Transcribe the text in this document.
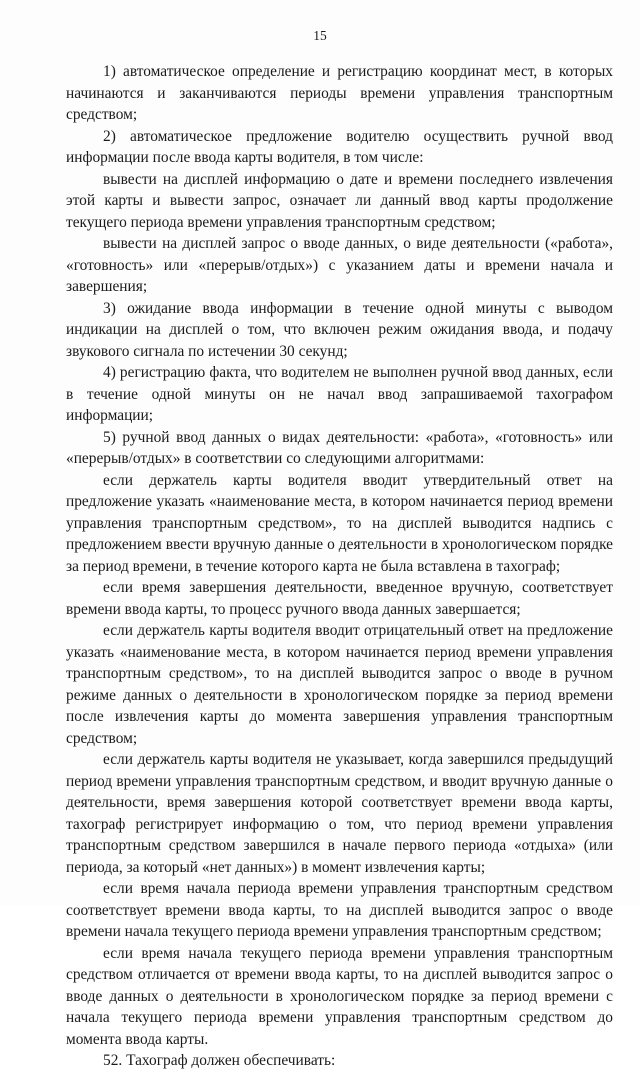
15

1) автоматическое определение и регистрацию координат мест, в которых начинаются и заканчиваются периоды времени управления транспортным средством;

2) автоматическое предложение водителю осуществить ручной ввод информации после ввода карты водителя, в том числе:

вывести на дисплей информацию о дате и времени последнего извлечения этой карты и вывести запрос, означает ли данный ввод карты продолжение текущего периода времени управления транспортным средством;

вывести на дисплей запрос о вводе данных, о виде деятельности («работа», «готовность» или «перерыв/отдых») с указанием даты и времени начала и завершения;

3) ожидание ввода информации в течение одной минуты с выводом индикации на дисплей о том, что включен режим ожидания ввода, и подачу звукового сигнала по истечении 30 секунд;

4) регистрацию факта, что водителем не выполнен ручной ввод данных, если в течение одной минуты он не начал ввод запрашиваемой тахографом информации;

5) ручной ввод данных о видах деятельности: «работа», «готовность» или «перерыв/отдых» в соответствии со следующими алгоритмами:

если держатель карты водителя вводит утвердительный ответ на предложение указать «наименование места, в котором начинается период времени управления транспортным средством», то на дисплей выводится надпись с предложением ввести вручную данные о деятельности в хронологическом порядке за период времени, в течение которого карта не была вставлена в тахограф;

если время завершения деятельности, введенное вручную, соответствует времени ввода карты, то процесс ручного ввода данных завершается;

если держатель карты водителя вводит отрицательный ответ на предложение указать «наименование места, в котором начинается период времени управления транспортным средством», то на дисплей выводится запрос о вводе в ручном режиме данных о деятельности в хронологическом порядке за период времени после извлечения карты до момента завершения управления транспортным средством;

если держатель карты водителя не указывает, когда завершился предыдущий период времени управления транспортным средством, и вводит вручную данные о деятельности, время завершения которой соответствует времени ввода карты, тахограф регистрирует информацию о том, что период времени управления транспортным средством завершился в начале первого периода «отдыха» (или периода, за который «нет данных») в момент извлечения карты;

если время начала периода времени управления транспортным средством соответствует времени ввода карты, то на дисплей выводится запрос о вводе времени начала текущего периода времени управления транспортным средством;

если время начала текущего периода времени управления транспортным средством отличается от времени ввода карты, то на дисплей выводится запрос о вводе данных о деятельности в хронологическом порядке за период времени с начала текущего периода времени управления транспортным средством до момента ввода карты.

52. Тахограф должен обеспечивать:
